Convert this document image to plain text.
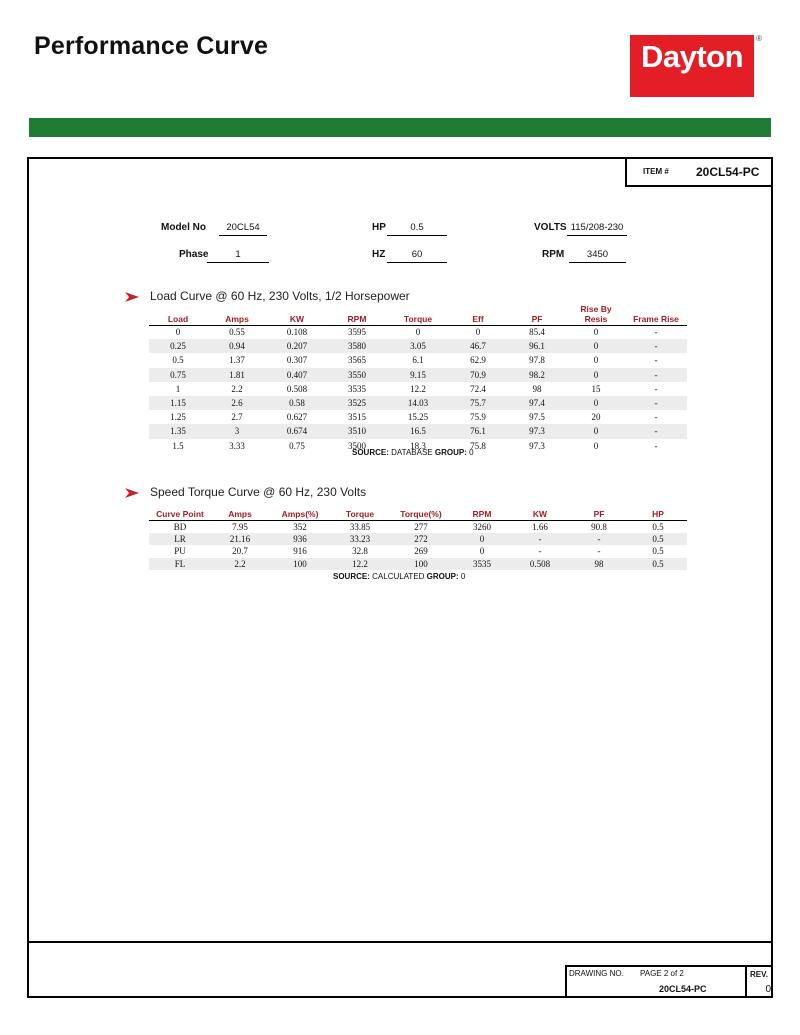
Performance Curve	Dayton
®
ITEM # 20CL54-PC
Model No	20CL54	HP	0.5	VOLTS 115/208-230
Phase	1	HZ	60	RPM	3450
Load Curve @ 60 Hz, 230 Volts, 1/2 Horsepower
Load	Amps	KW	RPM	Torque	Eff	PF	Rise By Resis	Frame Rise
0	0.55	0.108	3595	0	0	85.4	0	-
0.25	0.94	0.207	3580	3.05	46.7	96.1	0	-
0.5	1.37	0.307	3565	6.1	62.9	97.8	0	-
0.75	1.81	0.407	3550	9.15	70.9	98.2	0	-
1	2.2	0.508	3535	12.2	72.4	98	15	-
1.15	2.6	0.58	3525	14.03	75.7	97.4	0	-
1.25	2.7	0.627	3515	15.25	75.9	97.5	20	-
1.35	3	0.674	3510	16.5	76.1	97.3	0	-
1.5	3.33	0.75	3500	18.3	75.8	97.3	0	-
SOURCE: DATABASE GROUP: 0
Speed Torque Curve @ 60 Hz, 230 Volts
Curve Point	Amps	Amps(%)	Torque	Torque(%)	RPM	KW	PF	HP
BD	7.95	352	33.85	277	3260	1.66	90.8	0.5
LR	21.16	936	33.23	272	0	-	-	0.5
PU	20.7	916	32.8	269	0	-	-	0.5
FL	2.2	100	12.2	100	3535	0.508	98	0.5
SOURCE: CALCULATED GROUP: 0
DRAWING NO. PAGE 2 of 2
20CL54-PC
REV.
0
